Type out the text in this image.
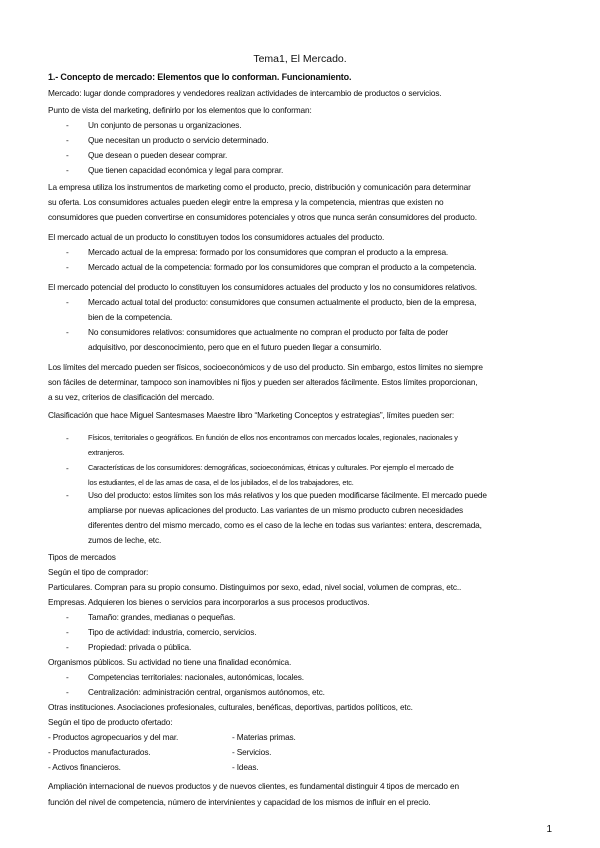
Tema1, El Mercado.
1.- Concepto de mercado: Elementos que lo conforman. Funcionamiento.
Mercado: lugar donde compradores y vendedores realizan actividades de intercambio de productos o servicios.
Punto de vista del marketing, definirlo por los elementos que lo conforman:
- Un conjunto de personas u organizaciones.
- Que necesitan un producto o servicio determinado.
- Que desean o pueden desear comprar.
- Que tienen capacidad económica y legal para comprar.
La empresa utiliza los instrumentos de marketing como el producto, precio, distribución y comunicación para determinar
su oferta. Los consumidores actuales pueden elegir entre la empresa y la competencia, mientras que existen no
consumidores que pueden convertirse en consumidores potenciales y otros que nunca serán consumidores del producto.
El mercado actual de un producto lo constituyen todos los consumidores actuales del producto.
- Mercado actual de la empresa: formado por los consumidores que compran el producto a la empresa.
- Mercado actual de la competencia: formado por los consumidores que compran el producto a la competencia.
El mercado potencial del producto lo constituyen los consumidores actuales del producto y los no consumidores relativos.
- Mercado actual total del producto: consumidores que consumen actualmente el producto, bien de la empresa,
bien de la competencia.
- No consumidores relativos: consumidores que actualmente no compran el producto por falta de poder
adquisitivo, por desconocimiento, pero que en el futuro pueden llegar a consumirlo.
Los límites del mercado pueden ser físicos, socioeconómicos y de uso del producto. Sin embargo, estos límites no siempre
son fáciles de determinar, tampoco son inamovibles ni fijos y pueden ser alterados fácilmente. Estos límites proporcionan,
a su vez, criterios de clasificación del mercado.
Clasificación que hace Miguel Santesmases Maestre libro “Marketing Conceptos y estrategias”, límites pueden ser:
-	Físicos, territoriales o geográficos. En función de ellos nos encontramos con mercados locales, regionales, nacionales y
extranjeros.
-	Características de los consumidores: demográficas, socioeconómicas, étnicas y culturales. Por ejemplo el mercado de
los estudiantes, el de las amas de casa, el de los jubilados, el de los trabajadores, etc.
- Uso del producto: estos límites son los más relativos y los que pueden modificarse fácilmente. El mercado puede
ampliarse por nuevas aplicaciones del producto. Las variantes de un mismo producto cubren necesidades
diferentes dentro del mismo mercado, como es el caso de la leche en todas sus variantes: entera, descremada,
zumos de leche, etc.
Tipos de mercados
Según el tipo de comprador:
Particulares. Compran para su propio consumo. Distinguimos por sexo, edad, nivel social, volumen de compras, etc..
Empresas. Adquieren los bienes o servicios para incorporarlos a sus procesos productivos.
- Tamaño: grandes, medianas o pequeñas.
- Tipo de actividad: industria, comercio, servicios.
- Propiedad: privada o pública.
Organismos públicos. Su actividad no tiene una finalidad económica.
- Competencias territoriales: nacionales, autonómicas, locales.
- Centralización: administración central, organismos autónomos, etc.
Otras instituciones. Asociaciones profesionales, culturales, benéficas, deportivas, partidos políticos, etc.
Según el tipo de producto ofertado:
- Productos agropecuarios y del mar.	- Materias primas.
- Productos manufacturados.	- Servicios.
- Activos financieros.	- Ideas.
Ampliación internacional de nuevos productos y de nuevos clientes, es fundamental distinguir 4 tipos de mercado en
función del nivel de competencia, número de intervinientes y capacidad de los mismos de influir en el precio.
1
